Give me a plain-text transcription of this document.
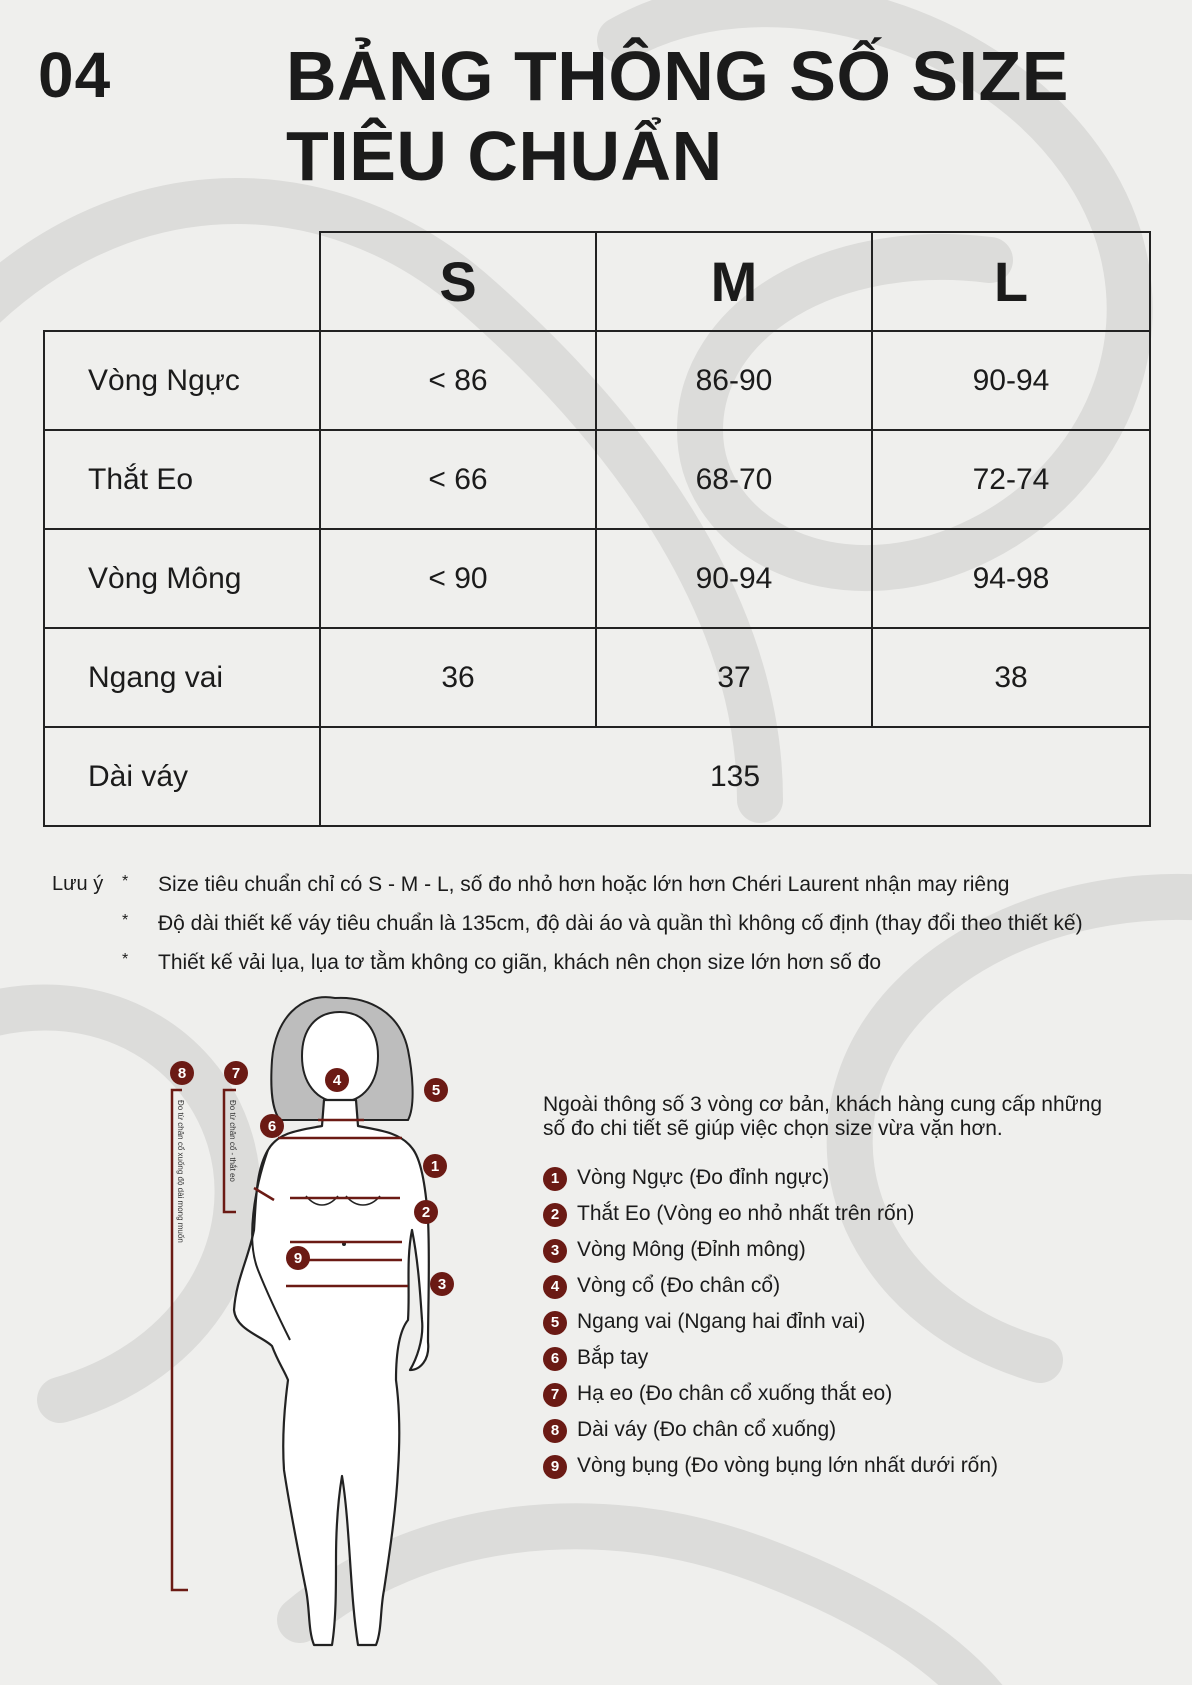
04 BẢNG THÔNG SỐ SIZE
TIÊU CHUẨN
	S	M	L
Vòng Ngực	< 86	86-90	90-94
Thắt Eo	< 66	68-70	72-74
Vòng Mông	< 90	90-94	94-98
Ngang vai	36	37	38
Dài váy	135		
Lưu ý * Size tiêu chuẩn chỉ có S - M - L, số đo nhỏ hơn hoặc lớn hơn Chéri Laurent nhận may riêng
* Độ dài thiết kế váy tiêu chuẩn là 135cm, độ dài áo và quần thì không cố định (thay đổi theo thiết kế)
* Thiết kế vải lụa, lụa tơ tằm không co giãn, khách nên chọn size lớn hơn số đo
Đo từ chân cổ - thắt eo
Đo từ chân cổ xuống độ dài mong muốn
8	7	4
5
6
1
2
9
3
Ngoài thông số 3 vòng cơ bản, khách hàng cung cấp những
số đo chi tiết sẽ giúp việc chọn size vừa vặn hơn.
1 Vòng Ngực (Đo đỉnh ngực)
2 Thắt Eo (Vòng eo nhỏ nhất trên rốn)
3 Vòng Mông (Đỉnh mông)
4 Vòng cổ (Đo chân cổ)
5 Ngang vai (Ngang hai đỉnh vai)
6 Bắp tay
7 Hạ eo (Đo chân cổ xuống thắt eo)
8 Dài váy (Đo chân cổ xuống)
9 Vòng bụng (Đo vòng bụng lớn nhất dưới rốn)
